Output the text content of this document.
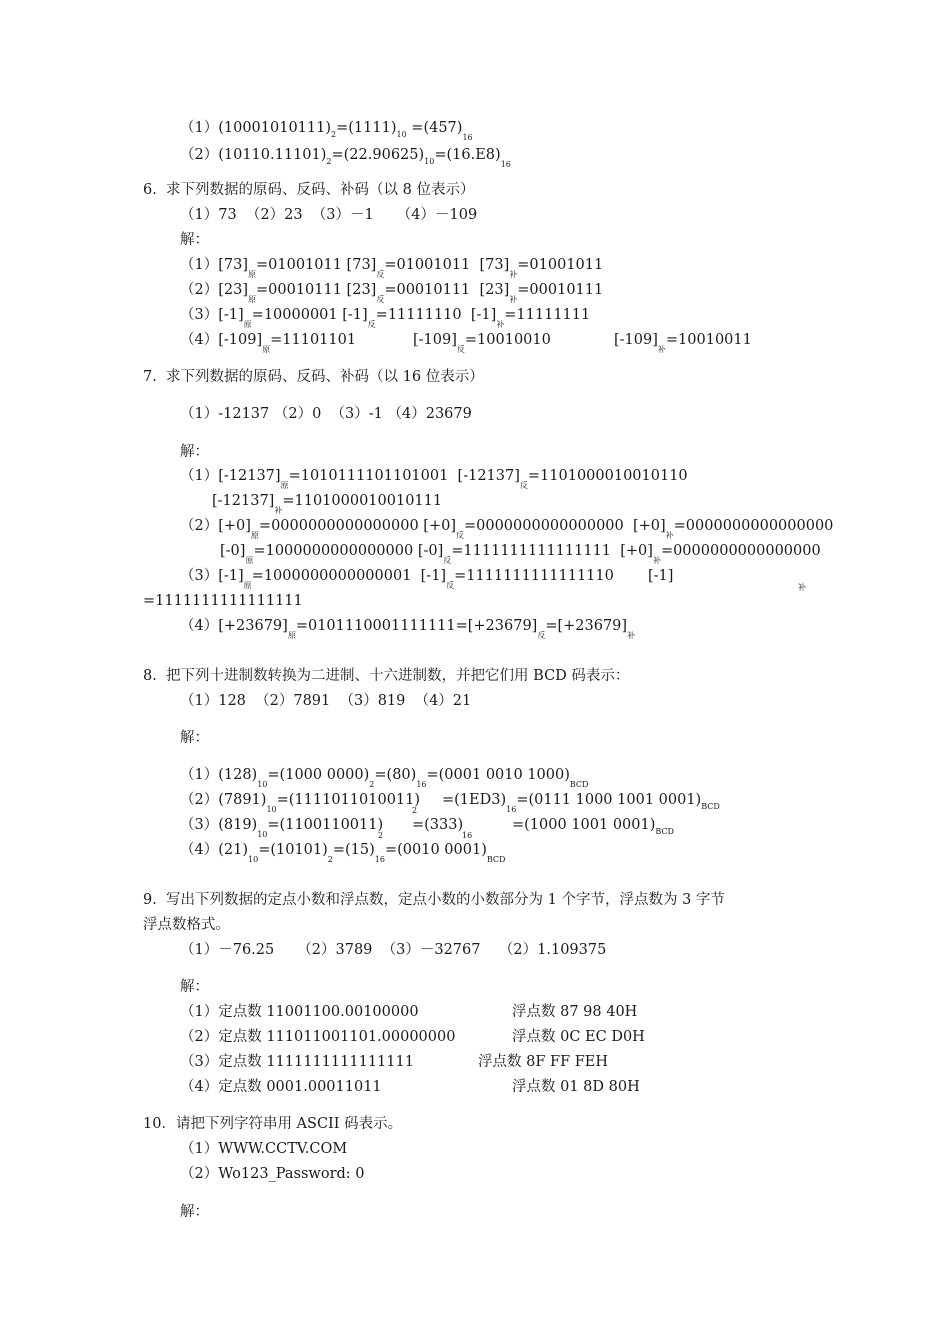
$(1)(10001010111)_2=(1111)_{10} =(457)_{16}$
$(2)(10110.11101)_2=(22.90625)_{10}=(16.E8)_{16}$
6.  求下列数据的原码、反码、补码（以 8 位表示）
（1）73  （2）23  （3）－1     （4）－109
解：
$(1)[73]_原=01001011$ $[73]_反=01001011$  $[73]_补=01001011$
$(2)[23]_原=00010111$ $[23]_反=00010111$  $[23]_补=00010111$
$(3)[-1]_原=10000001$ $[-1]_反=11111110$  $[-1]_补=11111111$
$(4)[-109]_原=11101101$	$[-109]_反=10010010$	$[-109]_补=10010011$
7.  求下列数据的原码、反码、补码（以 16 位表示）
（1）-12137 （2）0  （3）-1 （4）23679
解：
$(1)[-12137]_原=1010111101101001$  $[-12137]_反=1101000010010110$
$[-12137]_补=1101000010010111$
$(2)[+0]_原=0000000000000000$ $[+0]_反=0000000000000000$  $[+0]_补=0000000000000000$
$[-0]_原=1000000000000000$ $[-0]_反=1111111111111111$  $[+0]_补=0000000000000000$
$(3)[-1]_原=1000000000000001$  $[-1]_反=1111111111111110$ [-1]
补
=1111111111111111
$(4)[+23679]_原=0101110001111111=[+23679]_反=[+23679]_补$
8.  把下列十进制数转换为二进制、十六进制数，并把它们用 BCD 码表示：
（1）128  （2）7891  （3）819  （4）21
解：
$(1)(128)_{10}=(1000$ $0000)_2=(80)_{16}=(0001$ 0010 $1000)_{BCD}$
$(2)(7891)_{10}=(1111011010011)$
2
$=(1ED3)_{16}=(0111$ 1000 1001 $0001)_{BCD}$
$(3)(819)_{10}=(1100110011)$
2
=(333)
16
=(1000 1001 $0001)_{BCD}$
$(4)(21)_{10}=(10101)_2=(15)_{16}=(0010$ $0001)_{BCD}$
9.  写出下列数据的定点小数和浮点数，定点小数的小数部分为 1 个字节，浮点数为 3 字节
浮点数格式。
（1）－76.25     （2）3789  （3）－32767    （2）1.109375
解：
（1）定点数 11001100.00100000	浮点数 87 98 40H
（2）定点数 111011001101.00000000	浮点数 0C EC D0H
（3）定点数 1111111111111111	浮点数 8F FF FEH
（4）定点数 0001.00011011	浮点数 01 8D 80H
10．请把下列字符串用 ASCII 码表示。
（1）WWW.CCTV.COM
（2）Wo123_Password: 0
解：
